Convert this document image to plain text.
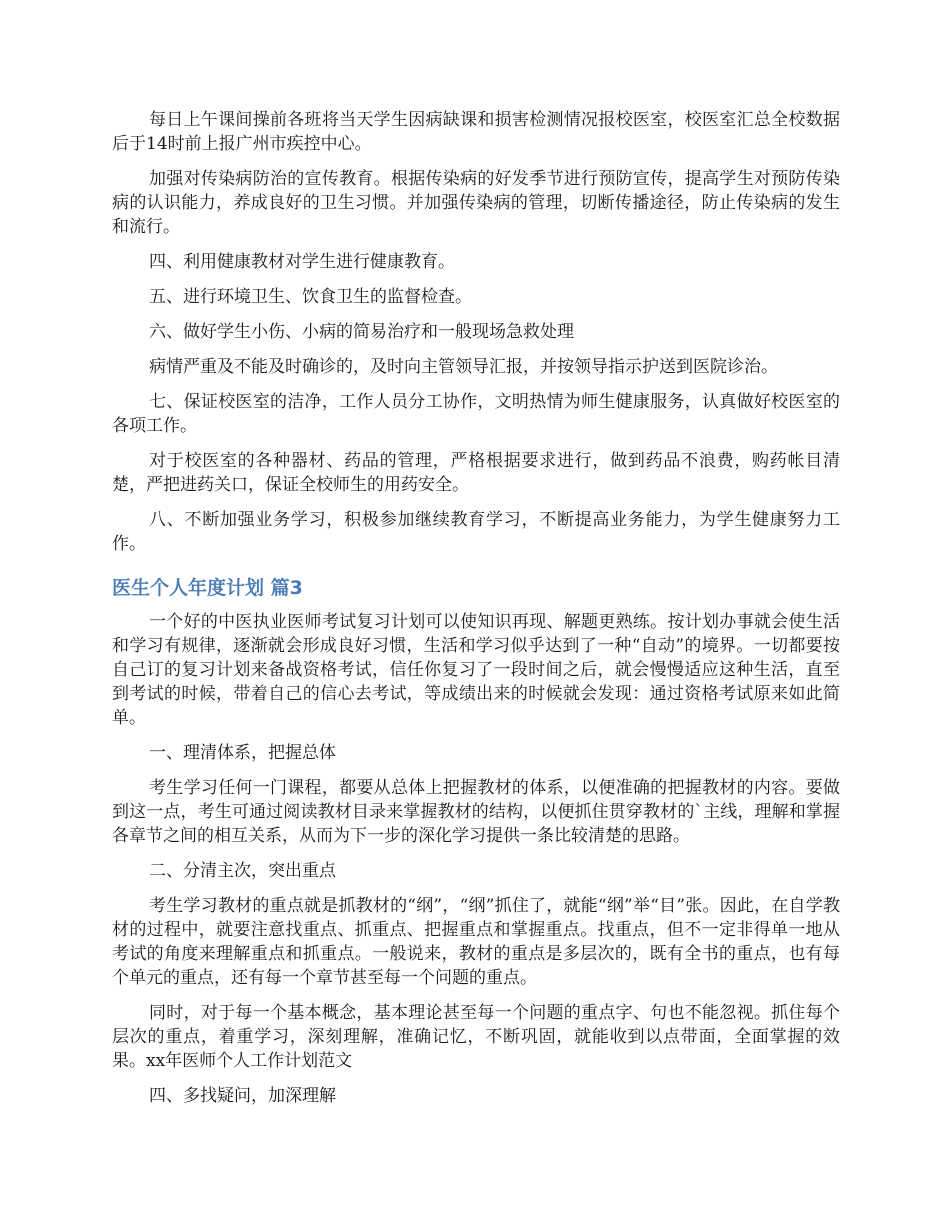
每日上午课间操前各班将当天学生因病缺课和损害检测情况报校医室，校医室汇总全校数据后于14时前上报广州市疾控中心。

加强对传染病防治的宣传教育。根据传染病的好发季节进行预防宣传，提高学生对预防传染病的认识能力，养成良好的卫生习惯。并加强传染病的管理，切断传播途径，防止传染病的发生和流行。

四、利用健康教材对学生进行健康教育。

五、进行环境卫生、饮食卫生的监督检查。

六、做好学生小伤、小病的简易治疗和一般现场急救处理

病情严重及不能及时确诊的，及时向主管领导汇报，并按领导指示护送到医院诊治。

七、保证校医室的洁净，工作人员分工协作，文明热情为师生健康服务，认真做好校医室的各项工作。

对于校医室的各种器材、药品的管理，严格根据要求进行，做到药品不浪费，购药帐目清楚，严把进药关口，保证全校师生的用药安全。

八、不断加强业务学习，积极参加继续教育学习，不断提高业务能力，为学生健康努力工作。

医生个人年度计划 篇3

一个好的中医执业医师考试复习计划可以使知识再现、解题更熟练。按计划办事就会使生活和学习有规律，逐渐就会形成良好习惯，生活和学习似乎达到了一种“自动”的境界。一切都要按自己订的复习计划来备战资格考试，信任你复习了一段时间之后，就会慢慢适应这种生活，直至到考试的时候，带着自己的信心去考试，等成绩出来的时候就会发现：通过资格考试原来如此简单。

一、理清体系，把握总体

考生学习任何一门课程，都要从总体上把握教材的体系，以便准确的把握教材的内容。要做到这一点，考生可通过阅读教材目录来掌握教材的结构，以便抓住贯穿教材的`主线，理解和掌握各章节之间的相互关系，从而为下一步的深化学习提供一条比较清楚的思路。

二、分清主次，突出重点

考生学习教材的重点就是抓教材的“纲”，“纲”抓住了，就能“纲”举“目”张。因此，在自学教材的过程中，就要注意找重点、抓重点、把握重点和掌握重点。找重点，但不一定非得单一地从考试的角度来理解重点和抓重点。一般说来，教材的重点是多层次的，既有全书的重点，也有每个单元的重点，还有每一个章节甚至每一个问题的重点。

同时，对于每一个基本概念，基本理论甚至每一个问题的重点字、句也不能忽视。抓住每个层次的重点，着重学习，深刻理解，准确记忆，不断巩固，就能收到以点带面，全面掌握的效果。xx年医师个人工作计划范文

四、多找疑问，加深理解
